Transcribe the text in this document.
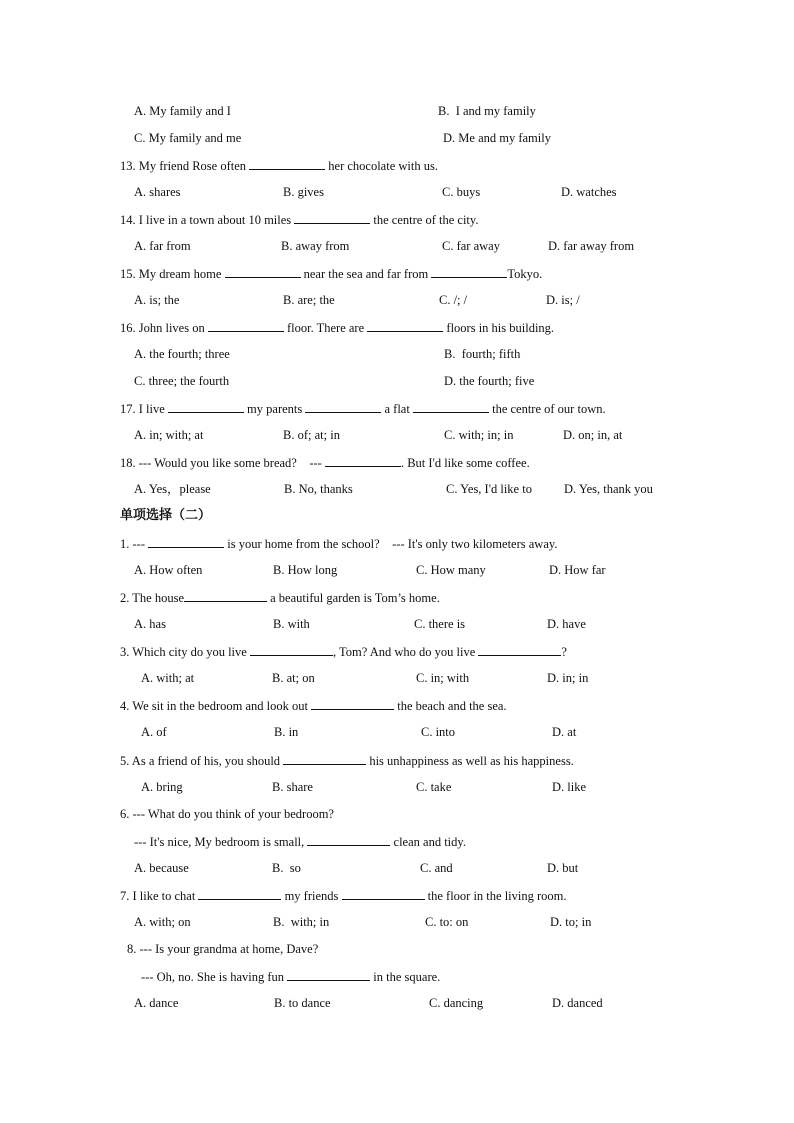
A. My family and I	B.  I and my family
C. My family and me	D. Me and my family
13. My friend Rose often	her chocolate with us.
A. shares	B. gives	C. buys	D. watches
14. I live in a town about 10 miles	the centre of the city.
A. far from	B. away from	C. far away	D. far away from
15. My dream home	near the sea and far from	Tokyo.
A. is; the	B. are; the	C. /; /	D. is; /
16. John lives on	floor. There are	floors in his building.
A. the fourth; three	B.  fourth; fifth
C. three; the fourth	D. the fourth; five
17. I live	my parents	a flat	the centre of our town.
A. in; with; at	B. of; at; in	C. with; in; in	D. on; in, at
18. --- Would you like some bread?    ---	. But I'd like some coffee.
A. Yes，please	B. No, thanks	C. Yes, I'd like to	D. Yes, thank you
单项选择（二）
1. ---	is your home from the school?    --- It's only two kilometers away.
A. How often	B. How long	C. How many	D. How far
2. The house	a beautiful garden is Tom’s home.
A. has	B. with	C. there is	D. have
3. Which city do you live	, Tom? And who do you live	?
A. with; at	B. at; on	C. in; with	D. in; in
4. We sit in the bedroom and look out	the beach and the sea.
A. of	B. in	C. into	D. at
5. As a friend of his, you should	his unhappiness as well as his happiness.
A. bring	B. share	C. take	D. like
6. --- What do you think of your bedroom?
--- It's nice, My bedroom is small,	clean and tidy.
A. because	B.  so	C. and	D. but
7. I like to chat	my friends	the floor in the living room.
A. with; on	B.  with; in	C. to: on	D. to; in
8. --- Is your grandma at home, Dave?
--- Oh, no. She is having fun	in the square.
A. dance	B. to dance	C. dancing	D. danced
